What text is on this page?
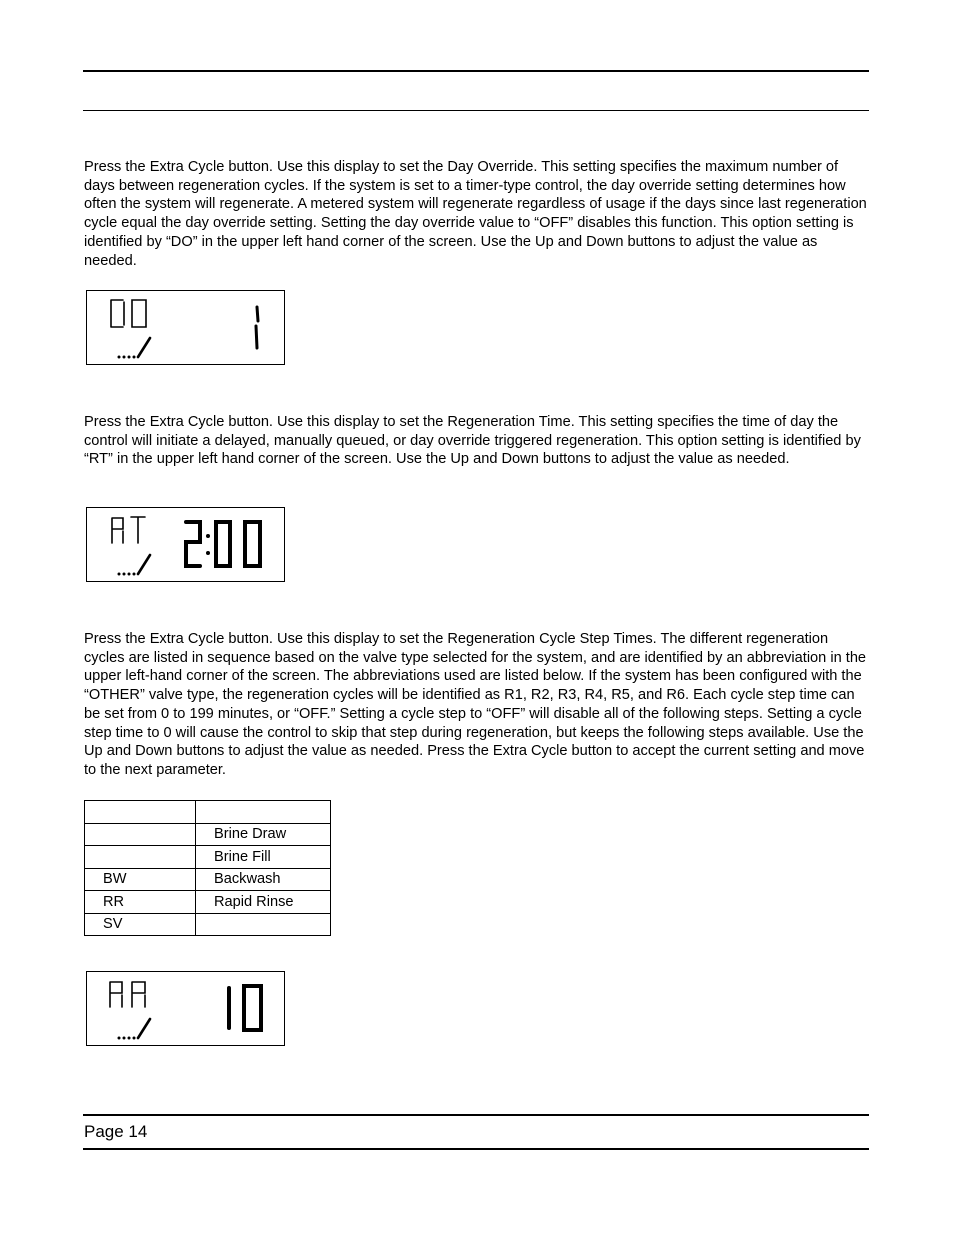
Press the Extra Cycle button. Use this display to set the Day Override. This setting specifies the maximum number of days between regeneration cycles. If the system is set to a timer-type control, the day override setting determines how often the system will regenerate. A metered system will regenerate regardless of usage if the days since last regeneration cycle equal the day override setting. Setting the day override value to “OFF” disables this function. This option setting is identified by “DO” in the upper left hand corner of the screen. Use the Up and Down buttons to adjust the value as needed.

Press the Extra Cycle button. Use this display to set the Regeneration Time. This setting specifies the time of day the control will initiate a delayed, manually queued, or day override triggered regeneration. This option setting is identified by “RT” in the upper left hand corner of the screen. Use the Up and Down buttons to adjust the value as needed.

Press the Extra Cycle button. Use this display to set the Regeneration Cycle Step Times. The different regeneration cycles are listed in sequence based on the valve type selected for the system, and are identified by an abbreviation in the upper left-hand corner of the screen. The abbreviations used are listed below. If the system has been configured with the “OTHER” valve type, the regeneration cycles will be identified as R1, R2, R3, R4, R5, and R6. Each cycle step time can be set from 0 to 199 minutes, or “OFF.” Setting a cycle step to “OFF” will disable all of the following steps. Setting a cycle step time to 0 will cause the control to skip that step during regeneration, but keeps the following steps available. Use the Up and Down buttons to adjust the value as needed. Press the Extra Cycle button to accept the current setting and move to the next parameter.

	Brine Draw
	Brine Fill
BW	Backwash
RR	Rapid Rinse
SV	
Page 14
